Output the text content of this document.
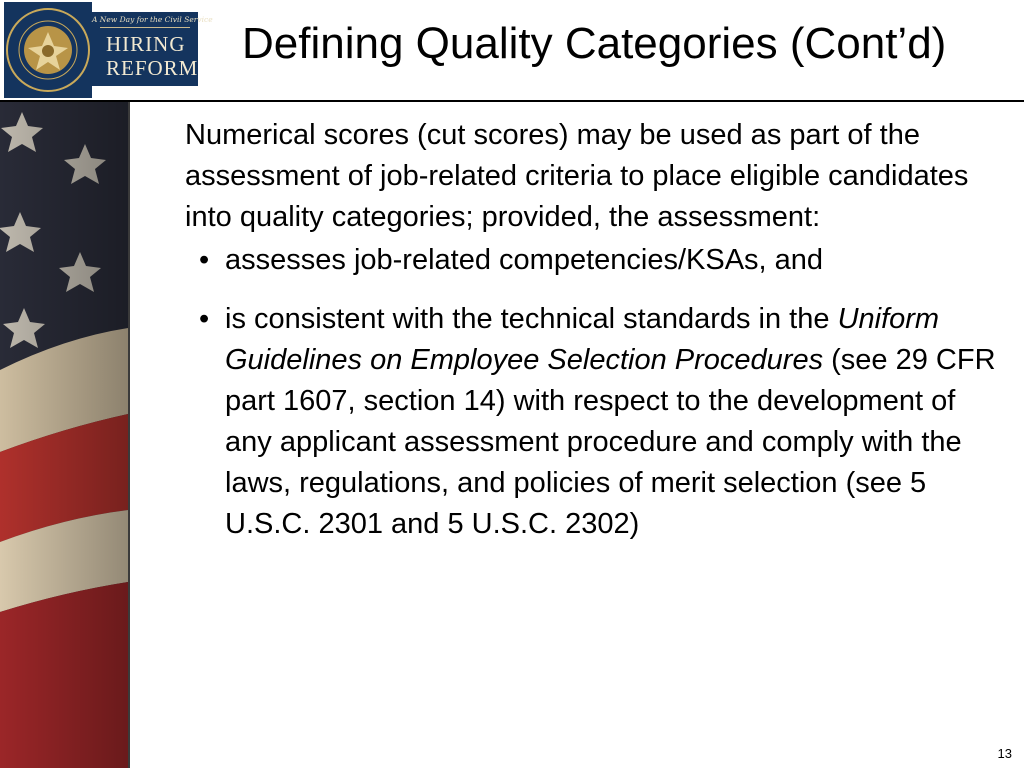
A New Day for the Civil Service
HIRING
REFORM Defining Quality Categories (Cont’d)

Numerical scores (cut scores) may be used as part of the assessment of job-related criteria to place eligible candidates into quality categories; provided, the assessment:

• assesses job-related competencies/KSAs, and
• is consistent with the technical standards in the Uniform Guidelines on Employee Selection Procedures (see 29 CFR part 1607, section 14) with respect to the development of any applicant assessment procedure and comply with the laws, regulations, and policies of merit selection (see 5 U.S.C. 2301 and 5 U.S.C. 2302)
13
